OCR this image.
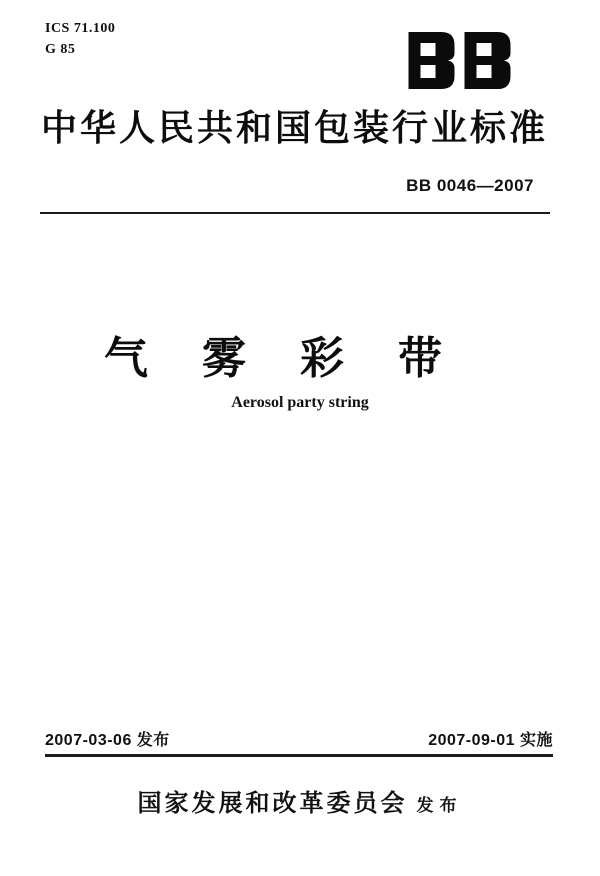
ICS 71.100
G 85
中华人民共和国包装行业标准
BB 0046—2007
气雾彩带
Aerosol party string
2007-03-06 发布	2007-09-01 实施
国家发展和改革委员会 发布
